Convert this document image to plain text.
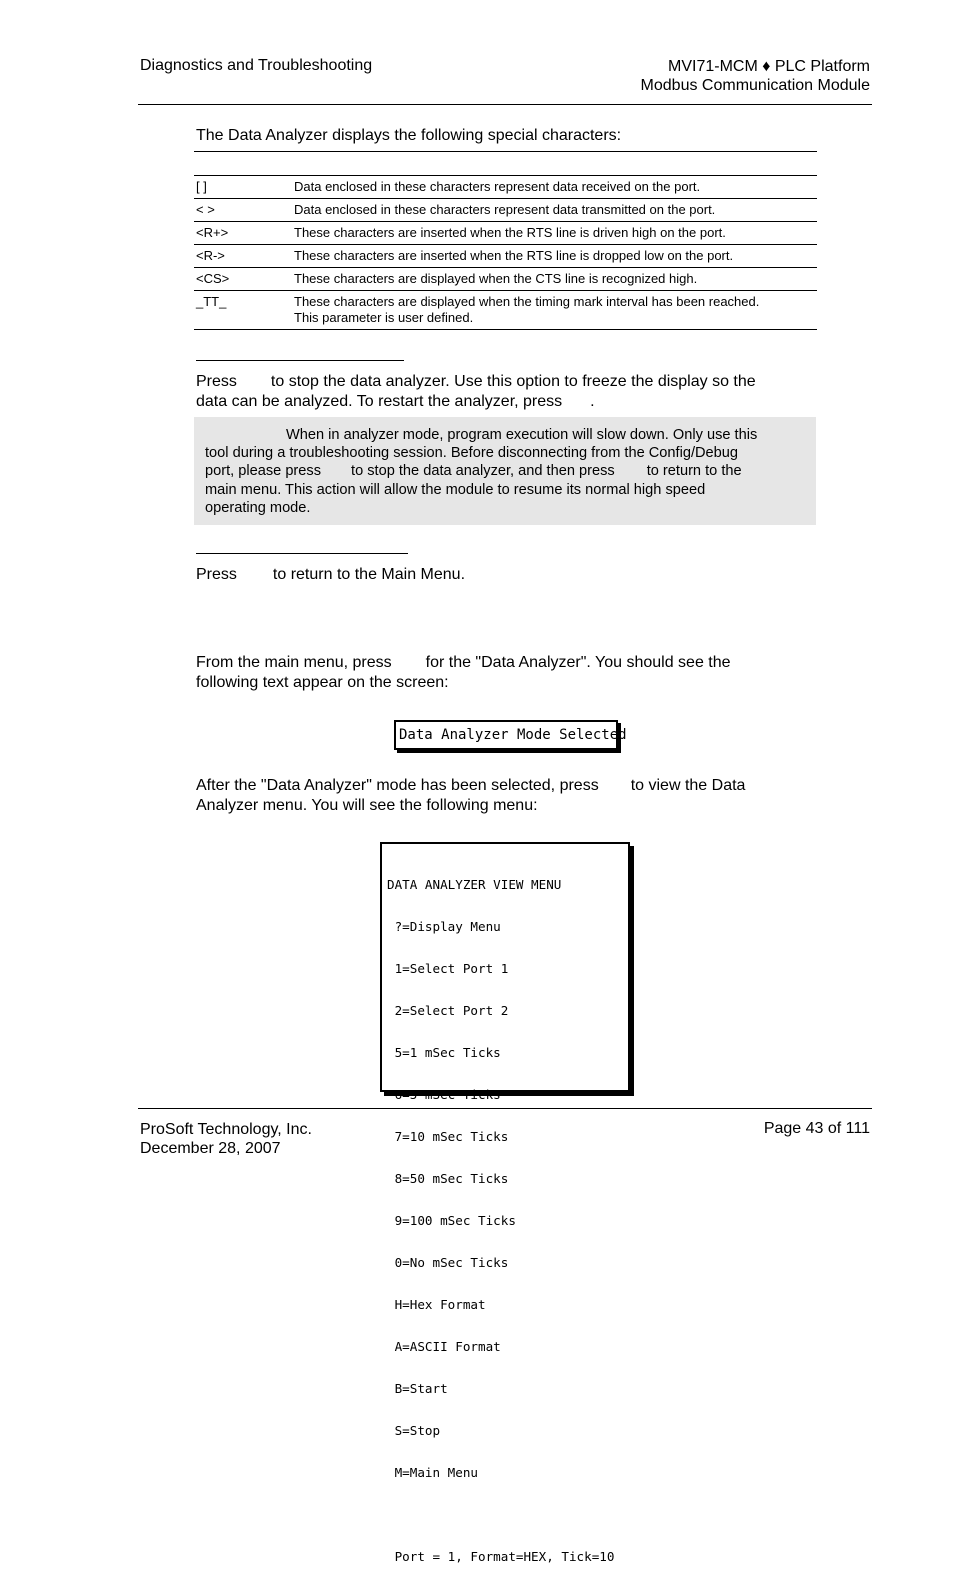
Diagnostics and Troubleshooting	MVI71-MCM ♦ PLC Platform
Modbus Communication Module
The Data Analyzer displays the following special characters:

[ ]	Data enclosed in these characters represent data received on the port.
< >	Data enclosed in these characters represent data transmitted on the port.
<R+>	These characters are inserted when the RTS line is driven high on the port.
<R->	These characters are inserted when the RTS line is dropped low on the port.
<CS>	These characters are displayed when the CTS line is recognized high.
_TT_	These characters are displayed when the timing mark interval has been reached.
This parameter is user defined.
Press to stop the data analyzer. Use this option to freeze the display so the
data can be analyzed. To restart the analyzer, press .
When in analyzer mode, program execution will slow down. Only use this
tool during a troubleshooting session. Before disconnecting from the Config/Debug
port, please press to stop the data analyzer, and then press to return to the
main menu. This action will allow the module to resume its normal high speed
operating mode.
Press to return to the Main Menu.
From the main menu, press for the "Data Analyzer". You should see the
following text appear on the screen:
Data Analyzer Mode Selected
After the "Data Analyzer" mode has been selected, press to view the Data
Analyzer menu. You will see the following menu:

DATA ANALYZER VIEW MENU

?=Display Menu

1=Select Port 1

2=Select Port 2

5=1 mSec Ticks

6=5 mSec Ticks

7=10 mSec Ticks

8=50 mSec Ticks

9=100 mSec Ticks

0=No mSec Ticks

H=Hex Format

A=ASCII Format

B=Start

S=Stop

M=Main Menu

Port = 1, Format=HEX, Tick=10

ProSoft Technology, Inc.
December 28, 2007
Page 43 of 111
